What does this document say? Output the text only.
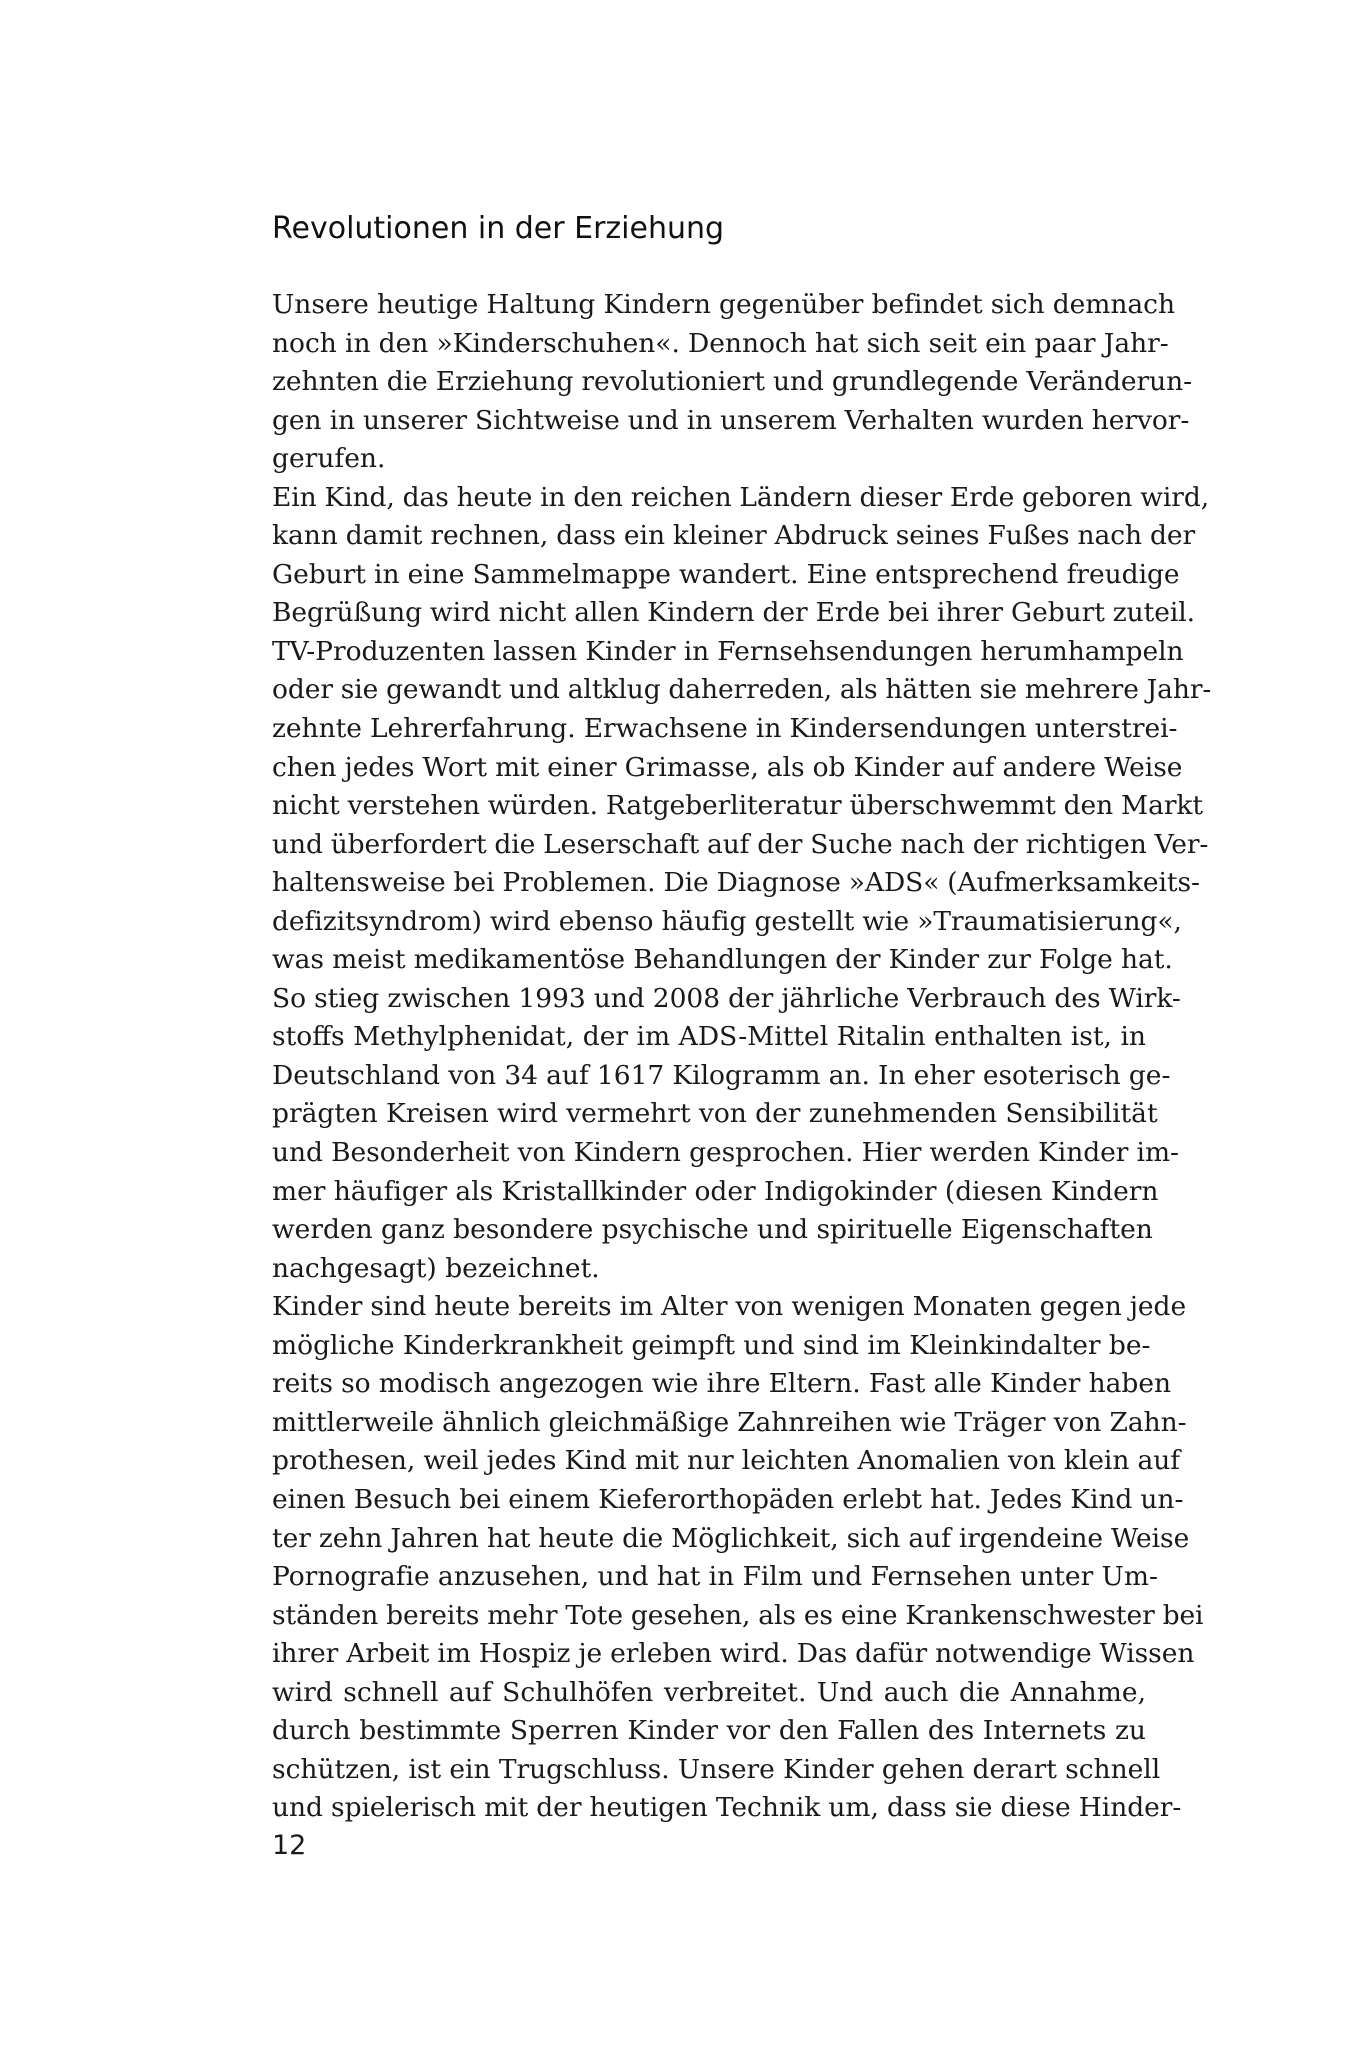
Revolutionen in der Erziehung
Unsere heutige Haltung Kindern gegenüber befindet sich demnach
noch in den »Kinderschuhen«. Dennoch hat sich seit ein paar Jahr-
zehnten die Erziehung revolutioniert und grundlegende Veränderun-
gen in unserer Sichtweise und in unserem Verhalten wurden hervor-
gerufen.
Ein Kind, das heute in den reichen Ländern dieser Erde geboren wird,
kann damit rechnen, dass ein kleiner Abdruck seines Fußes nach der
Geburt in eine Sammelmappe wandert. Eine entsprechend freudige
Begrüßung wird nicht allen Kindern der Erde bei ihrer Geburt zuteil.
TV-Produzenten lassen Kinder in Fernsehsendungen herumhampeln
oder sie gewandt und altklug daherreden, als hätten sie mehrere Jahr-
zehnte Lehrerfahrung. Erwachsene in Kindersendungen unterstrei-
chen jedes Wort mit einer Grimasse, als ob Kinder auf andere Weise
nicht verstehen würden. Ratgeberliteratur überschwemmt den Markt
und überfordert die Leserschaft auf der Suche nach der richtigen Ver-
haltensweise bei Problemen. Die Diagnose »ADS« (Aufmerksamkeits-
defizitsyndrom) wird ebenso häufig gestellt wie »Traumatisierung«,
was meist medikamentöse Behandlungen der Kinder zur Folge hat.
So stieg zwischen 1993 und 2008 der jährliche Verbrauch des Wirk-
stoffs Methylphenidat, der im ADS-Mittel Ritalin enthalten ist, in
Deutschland von 34 auf 1617 Kilogramm an. In eher esoterisch ge-
prägten Kreisen wird vermehrt von der zunehmenden Sensibilität
und Besonderheit von Kindern gesprochen. Hier werden Kinder im-
mer häufiger als Kristallkinder oder Indigokinder (diesen Kindern
werden ganz besondere psychische und spirituelle Eigenschaften
nachgesagt) bezeichnet.
Kinder sind heute bereits im Alter von wenigen Monaten gegen jede
mögliche Kinderkrankheit geimpft und sind im Kleinkindalter be-
reits so modisch angezogen wie ihre Eltern. Fast alle Kinder haben
mittlerweile ähnlich gleichmäßige Zahnreihen wie Träger von Zahn-
prothesen, weil jedes Kind mit nur leichten Anomalien von klein auf
einen Besuch bei einem Kieferorthopäden erlebt hat. Jedes Kind un-
ter zehn Jahren hat heute die Möglichkeit, sich auf irgendeine Weise
Pornografie anzusehen, und hat in Film und Fernsehen unter Um-
ständen bereits mehr Tote gesehen, als es eine Krankenschwester bei
ihrer Arbeit im Hospiz je erleben wird. Das dafür notwendige Wissen
wird schnell auf Schulhöfen verbreitet. Und auch die Annahme,
durch bestimmte Sperren Kinder vor den Fallen des Internets zu
schützen, ist ein Trugschluss. Unsere Kinder gehen derart schnell
und spielerisch mit der heutigen Technik um, dass sie diese Hinder-
12
